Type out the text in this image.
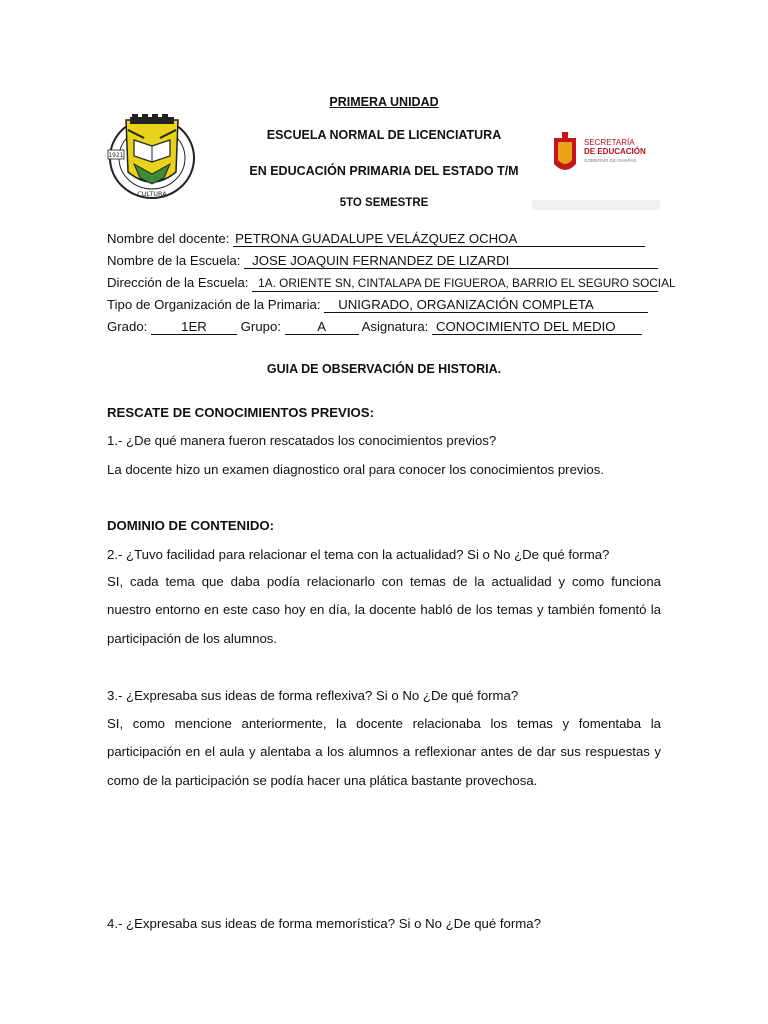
PRIMERA UNIDAD
ESCUELA NORMAL DE LICENCIATURA
EN EDUCACIÓN PRIMARIA DEL ESTADO T/M
5TO SEMESTRE
1921
CULTURA
SECRETARÍA
DE EDUCACIÓN
GOBIERNO DE CHIAPAS
Nombre del docente: PETRONA GUADALUPE VELÁZQUEZ OCHOA
Nombre de la Escuela: JOSE JOAQUIN FERNANDEZ DE LIZARDI
Dirección de la Escuela: 1A. ORIENTE SN, CINTALAPA DE FIGUEROA, BARRIO EL SEGURO SOCIAL
Tipo de Organización de la Primaria: UNIGRADO, ORGANIZACIÓN COMPLETA
Grado:	1ER	Grupo:	A	Asignatura: CONOCIMIENTO DEL MEDIO
GUIA DE OBSERVACIÓN DE HISTORIA.
RESCATE DE CONOCIMIENTOS PREVIOS:
1.- ¿De qué manera fueron rescatados los conocimientos previos?
La docente hizo un examen diagnostico oral para conocer los conocimientos previos.
DOMINIO DE CONTENIDO:
2.- ¿Tuvo facilidad para relacionar el tema con la actualidad? Si o No ¿De qué forma?

SI, cada tema que daba podía relacionarlo con temas de la actualidad y como funciona nuestro entorno en este caso hoy en día, la docente habló de los temas y también fomentó la participación de los alumnos.

3.- ¿Expresaba sus ideas de forma reflexiva? Si o No ¿De qué forma?

SI, como mencione anteriormente, la docente relacionaba los temas y fomentaba la participación en el aula y alentaba a los alumnos a reflexionar antes de dar sus respuestas y como de la participación se podía hacer una plática bastante provechosa.

4.- ¿Expresaba sus ideas de forma memorística? Si o No ¿De qué forma?
